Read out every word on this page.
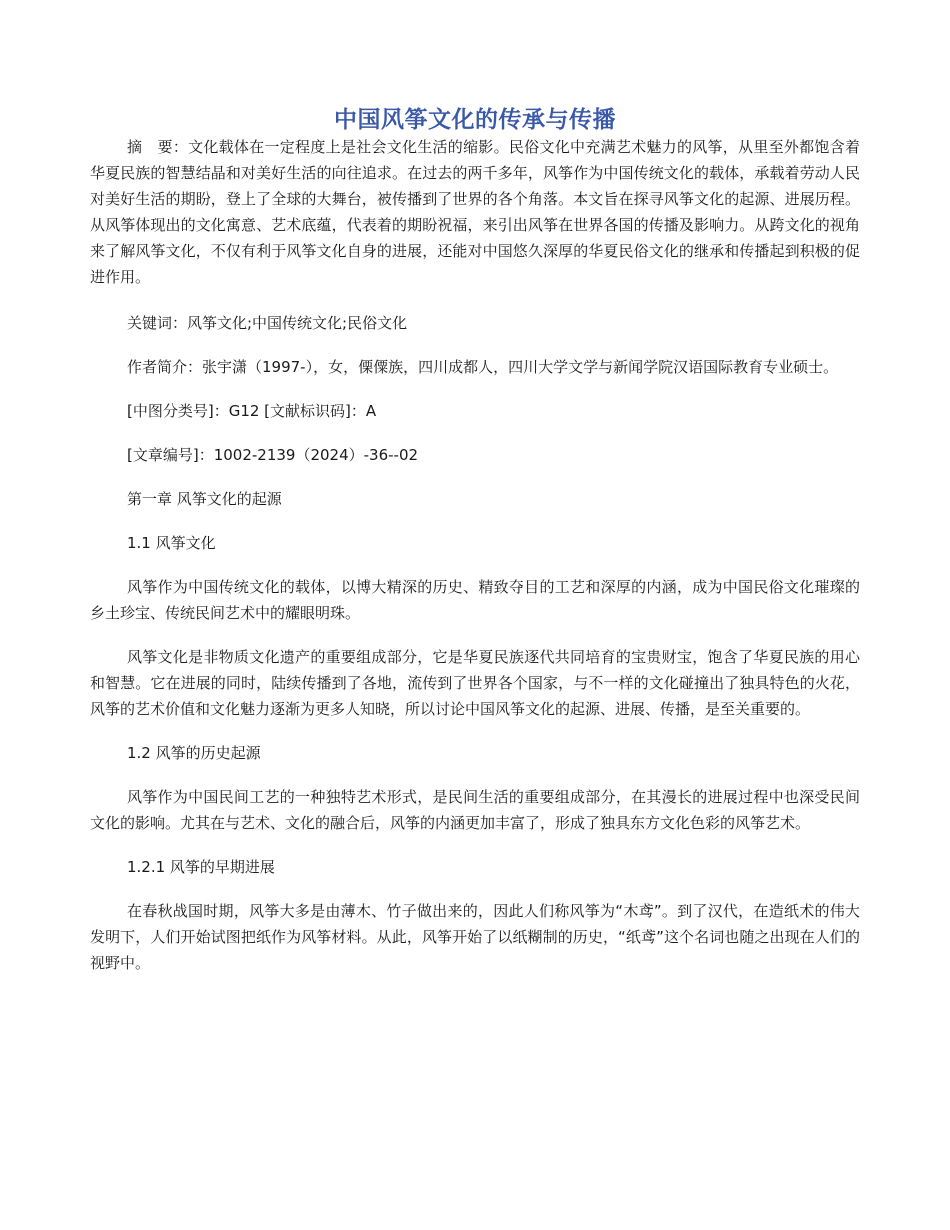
中国风筝文化的传承与传播

摘　要：文化载体在一定程度上是社会文化生活的缩影。民俗文化中充满艺术魅力的风筝，从里至外都饱含着华夏民族的智慧结晶和对美好生活的向往追求。在过去的两千多年，风筝作为中国传统文化的载体，承载着劳动人民对美好生活的期盼，登上了全球的大舞台，被传播到了世界的各个角落。本文旨在探寻风筝文化的起源、进展历程。从风筝体现出的文化寓意、艺术底蕴，代表着的期盼祝福，来引出风筝在世界各国的传播及影响力。从跨文化的视角来了解风筝文化，不仅有利于风筝文化自身的进展，还能对中国悠久深厚的华夏民俗文化的继承和传播起到积极的促进作用。

关键词：风筝文化;中国传统文化;民俗文化

作者简介：张宇潇（1997-），女，傈僳族，四川成都人，四川大学文学与新闻学院汉语国际教育专业硕士。

[中图分类号]：G12 [文献标识码]：A

[文章编号]：1002-2139（2024）-36--02

第一章 风筝文化的起源

1.1 风筝文化

风筝作为中国传统文化的载体，以博大精深的历史、精致夺目的工艺和深厚的内涵，成为中国民俗文化璀璨的乡土珍宝、传统民间艺术中的耀眼明珠。

风筝文化是非物质文化遗产的重要组成部分，它是华夏民族逐代共同培育的宝贵财宝，饱含了华夏民族的用心和智慧。它在进展的同时，陆续传播到了各地，流传到了世界各个国家，与不一样的文化碰撞出了独具特色的火花，风筝的艺术价值和文化魅力逐渐为更多人知晓，所以讨论中国风筝文化的起源、进展、传播，是至关重要的。

1.2 风筝的历史起源

风筝作为中国民间工艺的一种独特艺术形式，是民间生活的重要组成部分，在其漫长的进展过程中也深受民间文化的影响。尤其在与艺术、文化的融合后，风筝的内涵更加丰富了，形成了独具东方文化色彩的风筝艺术。

1.2.1 风筝的早期进展

在春秋战国时期，风筝大多是由薄木、竹子做出来的，因此人们称风筝为“木鸢”。到了汉代，在造纸术的伟大发明下，人们开始试图把纸作为风筝材料。从此，风筝开始了以纸糊制的历史，“纸鸢”这个名词也随之出现在人们的视野中。
